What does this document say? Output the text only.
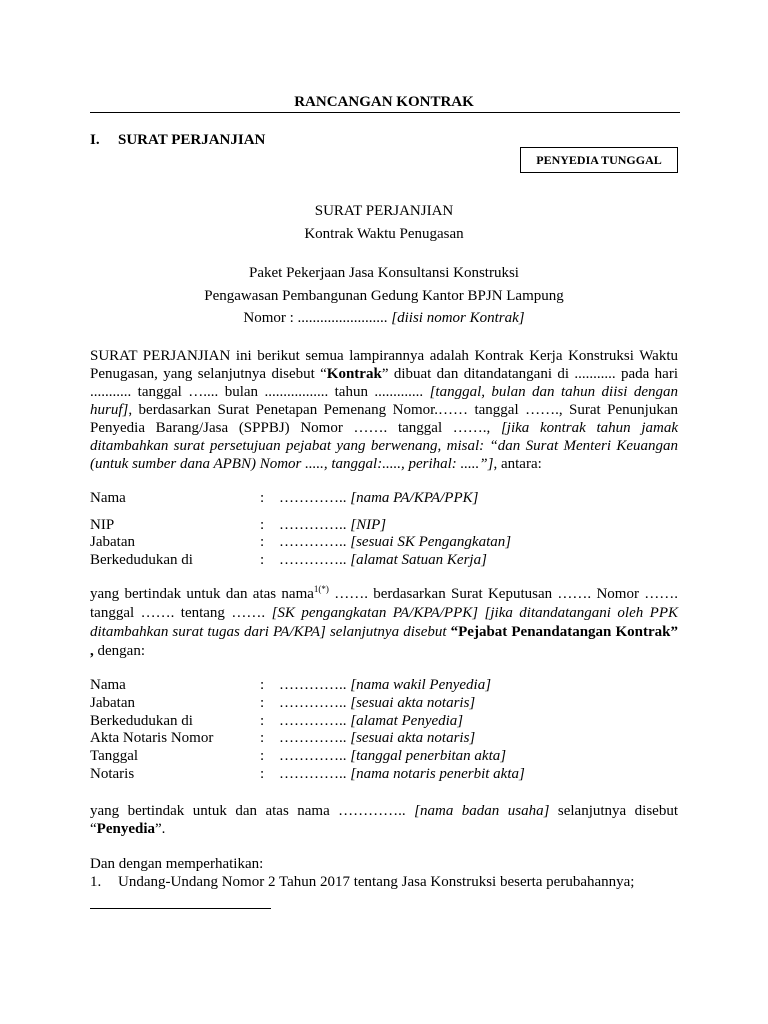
RANCANGAN KONTRAK
I. SURAT PERJANJIAN
PENYEDIA TUNGGAL
SURAT PERJANJIAN
Kontrak Waktu Penugasan
Paket Pekerjaan Jasa Konsultansi Konstruksi
Pengawasan Pembangunan Gedung Kantor BPJN Lampung
Nomor : ........................ [diisi nomor Kontrak]

SURAT PERJANJIAN ini berikut semua lampirannya adalah Kontrak Kerja Konstruksi Waktu Penugasan, yang selanjutnya disebut “Kontrak” dibuat dan ditandatangani di ........... pada hari ........... tanggal ….... bulan ................. tahun ............. [tanggal, bulan dan tahun diisi dengan huruf], berdasarkan Surat Penetapan Pemenang Nomor.…… tanggal ……., Surat Penunjukan Penyedia Barang/Jasa (SPPBJ) Nomor ……. tanggal ……., [jika kontrak tahun jamak ditambahkan surat persetujuan pejabat yang berwenang, misal: “dan Surat Menteri Keuangan (untuk sumber dana APBN) Nomor ....., tanggal:....., perihal: .....”], antara:

Nama	: ………….. [nama PA/KPA/PPK]
NIP	: ………….. [NIP]
Jabatan	: ………….. [sesuai SK Pengangkatan]
Berkedudukan di	: ………….. [alamat Satuan Kerja]

yang bertindak untuk dan atas nama$^{1(*)}$ ……. berdasarkan Surat Keputusan ……. Nomor ……. tanggal ……. tentang ……. [SK pengangkatan PA/KPA/PPK] [jika ditandatangani oleh PPK ditambahkan surat tugas dari PA/KPA] selanjutnya disebut “Pejabat Penandatangan Kontrak” , dengan:

Nama	: ………….. [nama wakil Penyedia]
Jabatan	: ………….. [sesuai akta notaris]
Berkedudukan di	: ………….. [alamat Penyedia]
Akta Notaris Nomor	: ………….. [sesuai akta notaris]
Tanggal	: ………….. [tanggal penerbitan akta]
Notaris	: ………….. [nama notaris penerbit akta]

yang bertindak untuk dan atas nama ………….. [nama badan usaha] selanjutnya disebut “Penyedia”.

Dan dengan memperhatikan:
1. Undang-Undang Nomor 2 Tahun 2017 tentang Jasa Konstruksi beserta perubahannya;
